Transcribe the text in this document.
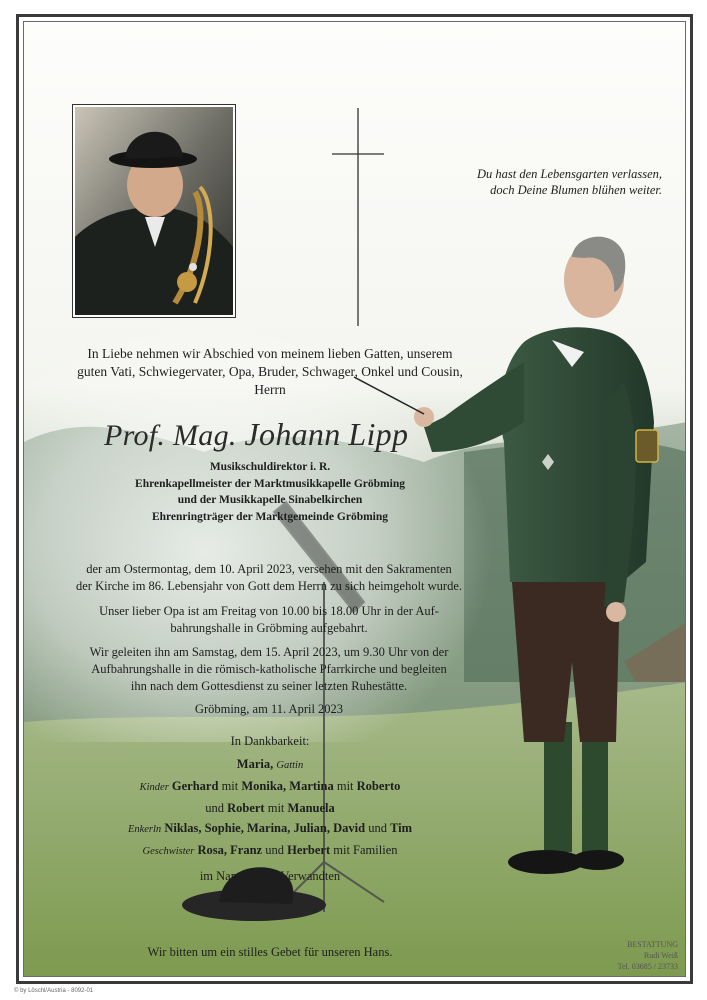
Du hast den Lebensgarten verlassen,
doch Deine Blumen blühen weiter.
In Liebe nehmen wir Abschied von meinem lieben Gatten, unserem
guten Vati, Schwiegervater, Opa, Bruder, Schwager, Onkel und Cousin,
Herrn
Prof. Mag. Johann Lipp
Musikschuldirektor i. R.
Ehrenkapellmeister der Marktmusikkapelle Gröbming
und der Musikkapelle Sinabelkirchen
Ehrenringträger der Marktgemeinde Gröbming
der am Ostermontag, dem 10. April 2023, versehen mit den Sakramenten
der Kirche im 86. Lebensjahr von Gott dem Herrn zu sich heimgeholt wurde.
Unser lieber Opa ist am Freitag von 10.00 bis 18.00 Uhr in der Auf-
bahrungshalle in Gröbming aufgebahrt.
Wir geleiten ihn am Samstag, dem 15. April 2023, um 9.30 Uhr von der
Aufbahrungshalle in die römisch-katholische Pfarrkirche und begleiten
ihn nach dem Gottesdienst zu seiner letzten Ruhestätte.
Gröbming, am 11. April 2023
In Dankbarkeit:
Maria, Gattin
Kinder Gerhard mit Monika, Martina mit Roberto
und Robert mit Manuela
Enkerln Niklas, Sophie, Marina, Julian, David und Tim
Geschwister Rosa, Franz und Herbert mit Familien
im Namen aller Verwandten
Wir bitten um ein stilles Gebet für unseren Hans.
BESTATTUNG
Rudi Weiß
Tel. 03685 / 23733
© by Löschl/Austria - 8092-01
